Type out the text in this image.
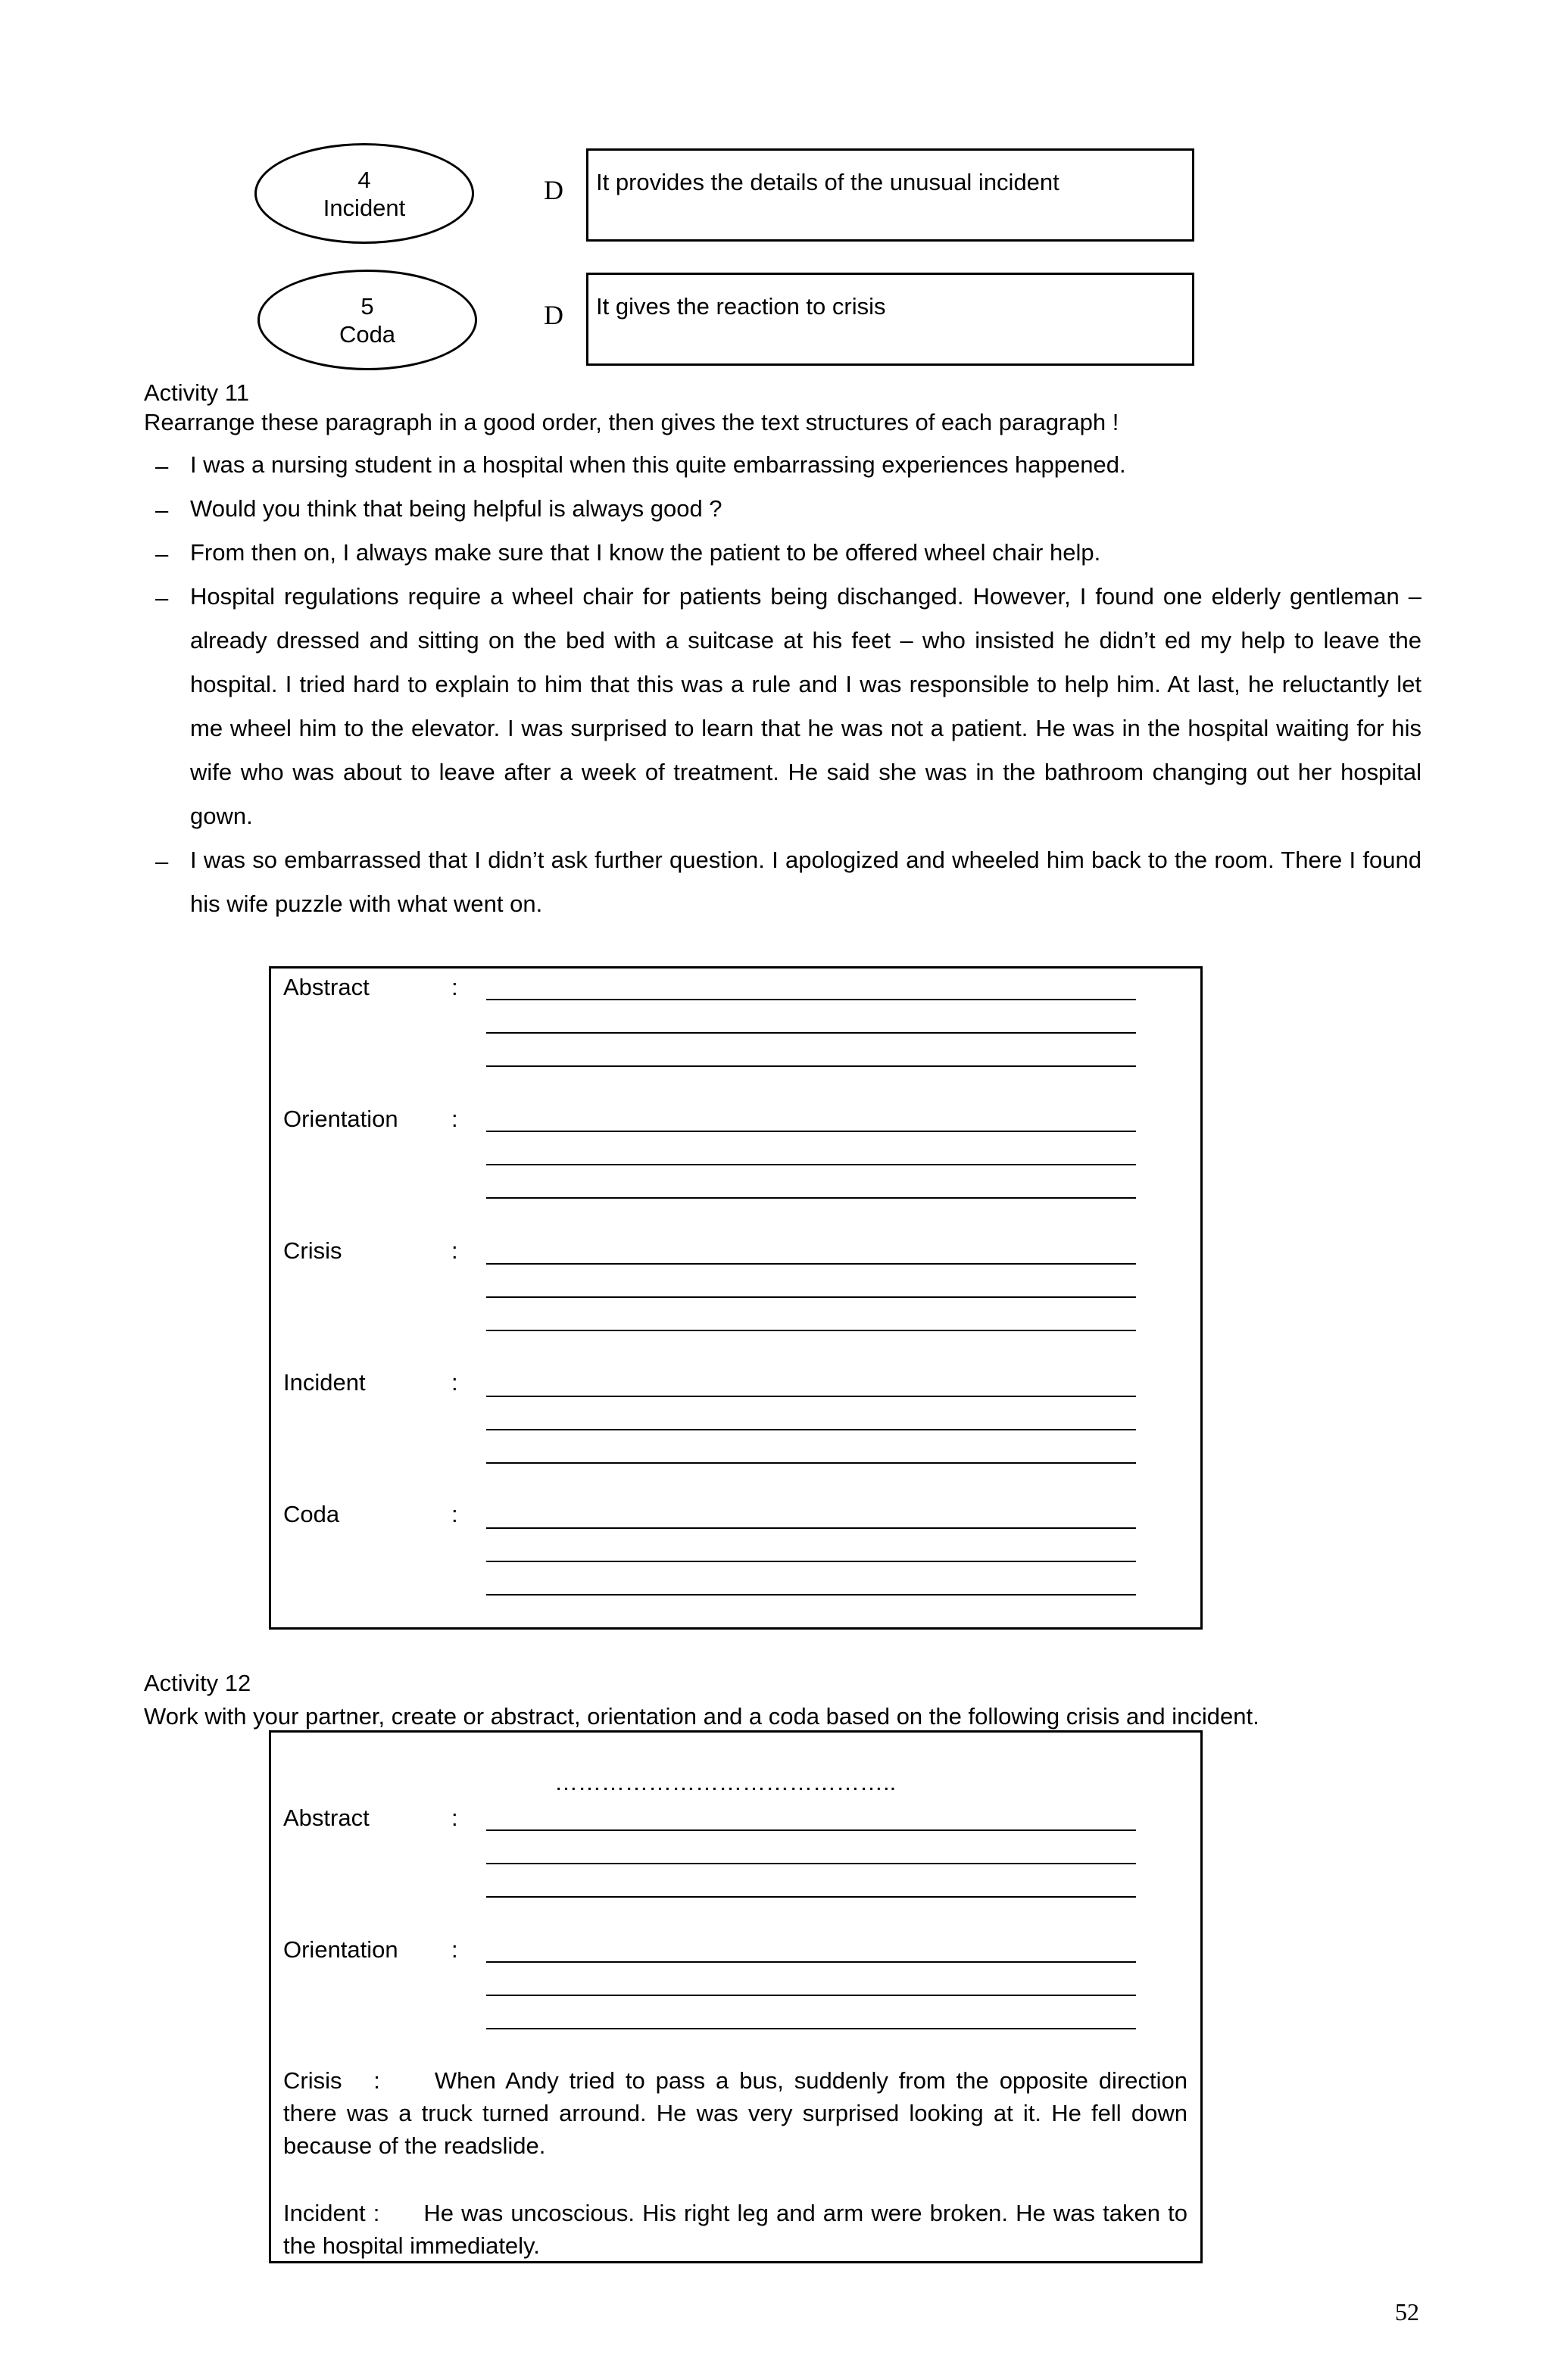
4
Incident
D	It provides the details of the unusual incident
5
Coda
D	It gives the reaction to crisis
Activity 11
Rearrange these paragraph in a good order, then gives the text structures of each paragraph !
– I was a nursing student in a hospital when this quite embarrassing experiences happened.
– Would you think that being helpful is always good ?
– From then on, I always make sure that I know the patient to be offered wheel chair help.
– Hospital regulations require a wheel chair for patients being dischanged. However, I found one elderly gentleman – already dressed and sitting on the bed with a suitcase at his feet – who insisted he didn’t ed my help to leave the hospital. I tried hard to explain to him that this was a rule and I was responsible to help him. At last, he reluctantly let me wheel him to the elevator. I was surprised to learn that he was not a patient. He was in the hospital waiting for his wife who was about to leave after a week of treatment. He said she was in the bathroom changing out her hospital gown.
– I was so embarrassed that I didn’t ask further question. I apologized and wheeled him back to the room. There I found his wife puzzle with what went on.
Abstract	:
Orientation :
Crisis	:
Incident	:
Coda	:
Activity 12
Work with your partner, create or abstract, orientation and a coda based on the following crisis and incident.
……………………………………..
Abstract	:
Orientation :
Crisis   : When Andy tried to pass a bus, suddenly from the opposite direction there was a truck turned arround. He was very surprised looking at it. He fell down because of the readslide.
Incident : He was uncoscious. His right leg and arm were broken. He was taken to the hospital immediately.
52
